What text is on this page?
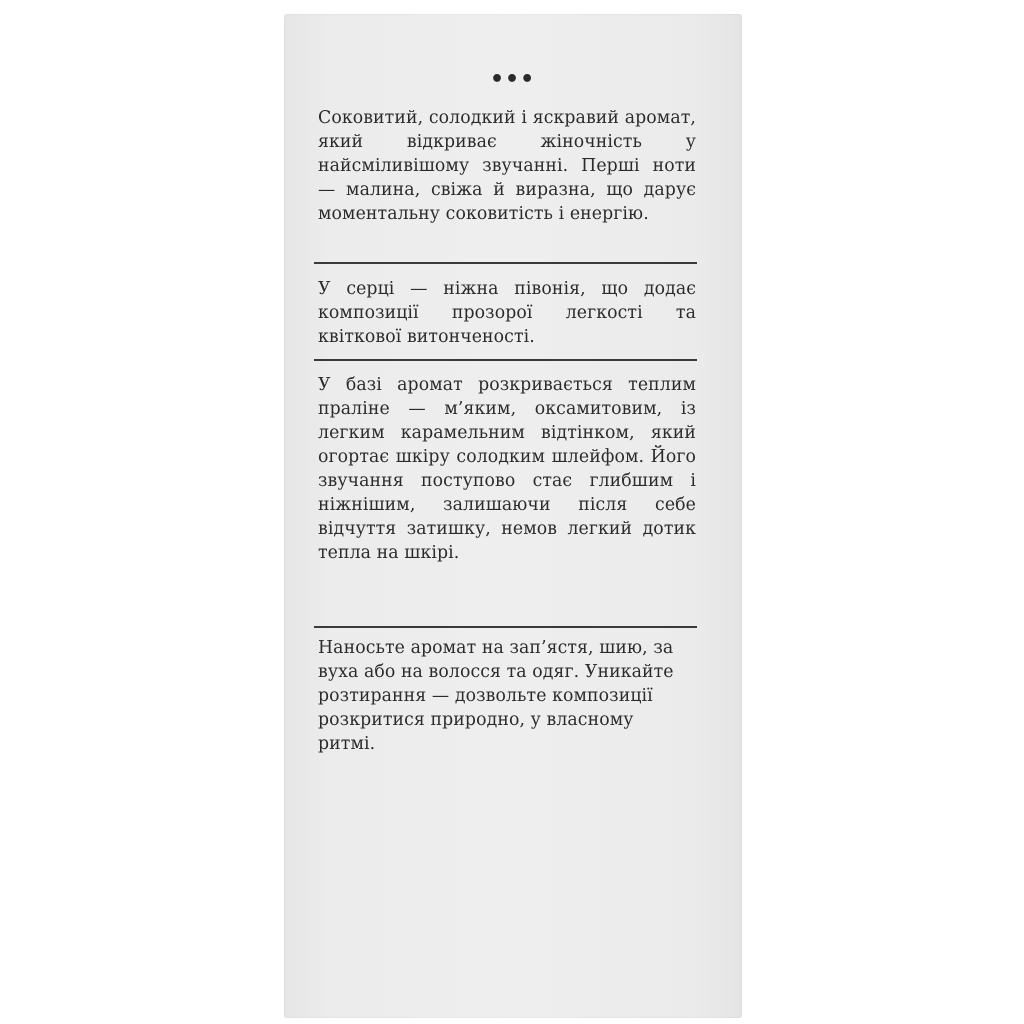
•••
Соковитий, солодкий і яскравий аромат, який відкриває жіночність у найсміливішому звучанні. Перші ноти — малина, свіжа й виразна, що дарує моментальну соковитість і енергію.
У серці — ніжна півонія, що додає композиції прозорої легкості та квіткової витонченості.
У базі аромат розкривається теплим праліне — м’яким, оксамитовим, із легким карамельним відтінком, який огортає шкіру солодким шлейфом. Його звучання поступово стає глибшим і ніжнішим, залишаючи після себе відчуття затишку, немов легкий дотик тепла на шкірі.
Наносьте аромат на зап’ястя, шию, за вуха або на волосся та одяг. Уникайте розтирання — дозвольте композиції розкритися природно, у власному ритмі.
